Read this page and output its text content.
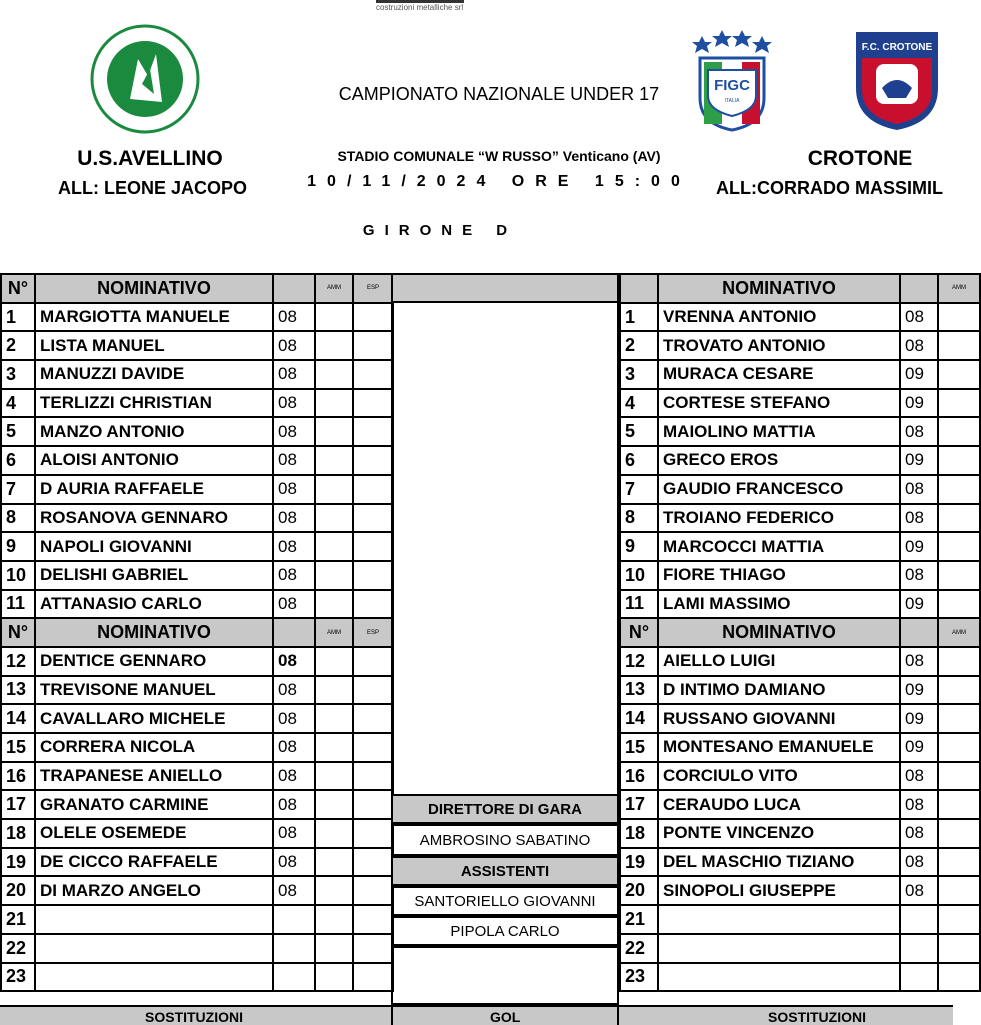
costruzioni metalliche srl
FIGC
ITALIA
F.C. CROTONE
CAMPIONATO NAZIONALE UNDER 17
STADIO COMUNALE “W RUSSO” Venticano (AV)
10/11/2024 ORE 15:00
GIRONE D
U.S.AVELLINO
ALL: LEONE JACOPO
CROTONE
ALL:CORRADO MASSIMIL
N°	NOMINATIVO		AMM	ESP
1	MARGIOTTA MANUELE	08		
2	LISTA MANUEL	08		
3	MANUZZI DAVIDE	08		
4	TERLIZZI CHRISTIAN	08		
5	MANZO ANTONIO	08		
6	ALOISI ANTONIO	08		
7	D AURIA RAFFAELE	08		
8	ROSANOVA GENNARO	08		
9	NAPOLI GIOVANNI	08		
10	DELISHI GABRIEL	08		
11	ATTANASIO CARLO	08		
N°	NOMINATIVO		AMM	ESP
12	DENTICE GENNARO	08		
13	TREVISONE MANUEL	08		
14	CAVALLARO MICHELE	08		
15	CORRERA NICOLA	08		
16	TRAPANESE ANIELLO	08		
17	GRANATO CARMINE	08		
18	OLELE OSEMEDE	08		
19	DE CICCO RAFFAELE	08		
20	DI MARZO ANGELO	08		
21				
22				
23				
	NOMINATIVO		AMM
1	VRENNA ANTONIO	08	
2	TROVATO ANTONIO	08	
3	MURACA CESARE	09	
4	CORTESE STEFANO	09	
5	MAIOLINO MATTIA	08	
6	GRECO EROS	09	
7	GAUDIO FRANCESCO	08	
8	TROIANO FEDERICO	08	
9	MARCOCCI MATTIA	09	
10	FIORE THIAGO	08	
11	LAMI MASSIMO	09	
N°	NOMINATIVO		AMM
12	AIELLO LUIGI	08	
13	D INTIMO DAMIANO	09	
14	RUSSANO GIOVANNI	09	
15	MONTESANO EMANUELE	09	
16	CORCIULO VITO	08	
17	CERAUDO LUCA	08	
18	PONTE VINCENZO	08	
19	DEL MASCHIO TIZIANO	08	
20	SINOPOLI GIUSEPPE	08	
21			
22			
23			
DIRETTORE DI GARA
AMBROSINO SABATINO
ASSISTENTI
SANTORIELLO GIOVANNI
PIPOLA CARLO
SOSTITUZIONI	GOL	SOSTITUZIONI
